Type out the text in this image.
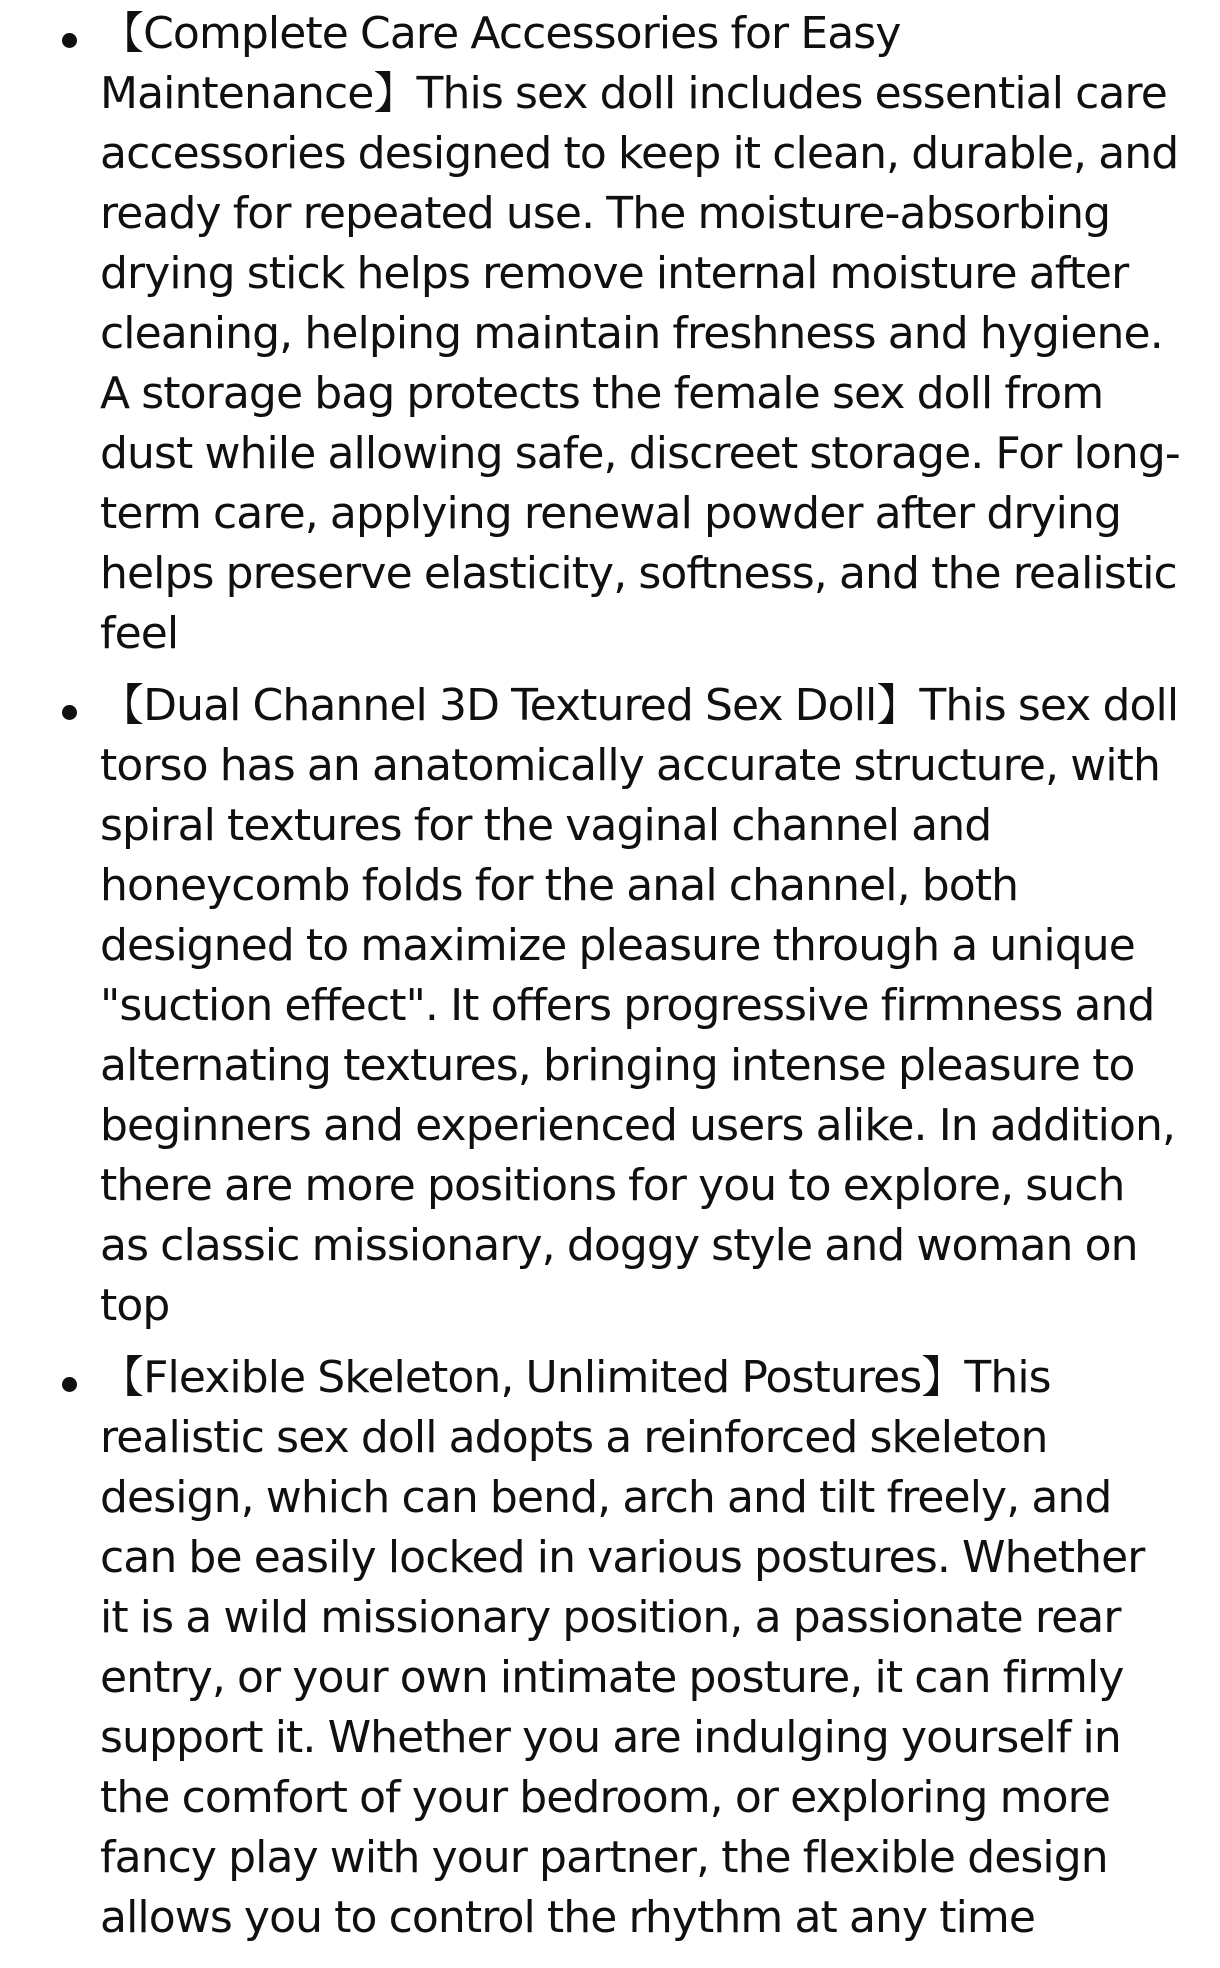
【Complete Care Accessories for Easy Maintenance】This sex doll includes essential care accessories designed to keep it clean, durable, and ready for repeated use. The moisture-absorbing drying stick helps remove internal moisture after cleaning, helping maintain freshness and hygiene. A storage bag protects the female sex doll from dust while allowing safe, discreet storage. For long-term care, applying renewal powder after drying helps preserve elasticity, softness, and the realistic feel
【Dual Channel 3D Textured Sex Doll】This sex doll torso has an anatomically accurate structure, with spiral textures for the vaginal channel and honeycomb folds for the anal channel, both designed to maximize pleasure through a unique "suction effect". It offers progressive firmness and alternating textures, bringing intense pleasure to beginners and experienced users alike. In addition, there are more positions for you to explore, such as classic missionary, doggy style and woman on top
【Flexible Skeleton, Unlimited Postures】This realistic sex doll adopts a reinforced skeleton design, which can bend, arch and tilt freely, and can be easily locked in various postures. Whether it is a wild missionary position, a passionate rear entry, or your own intimate posture, it can firmly support it. Whether you are indulging yourself in the comfort of your bedroom, or exploring more fancy play with your partner, the flexible design allows you to control the rhythm at any time
